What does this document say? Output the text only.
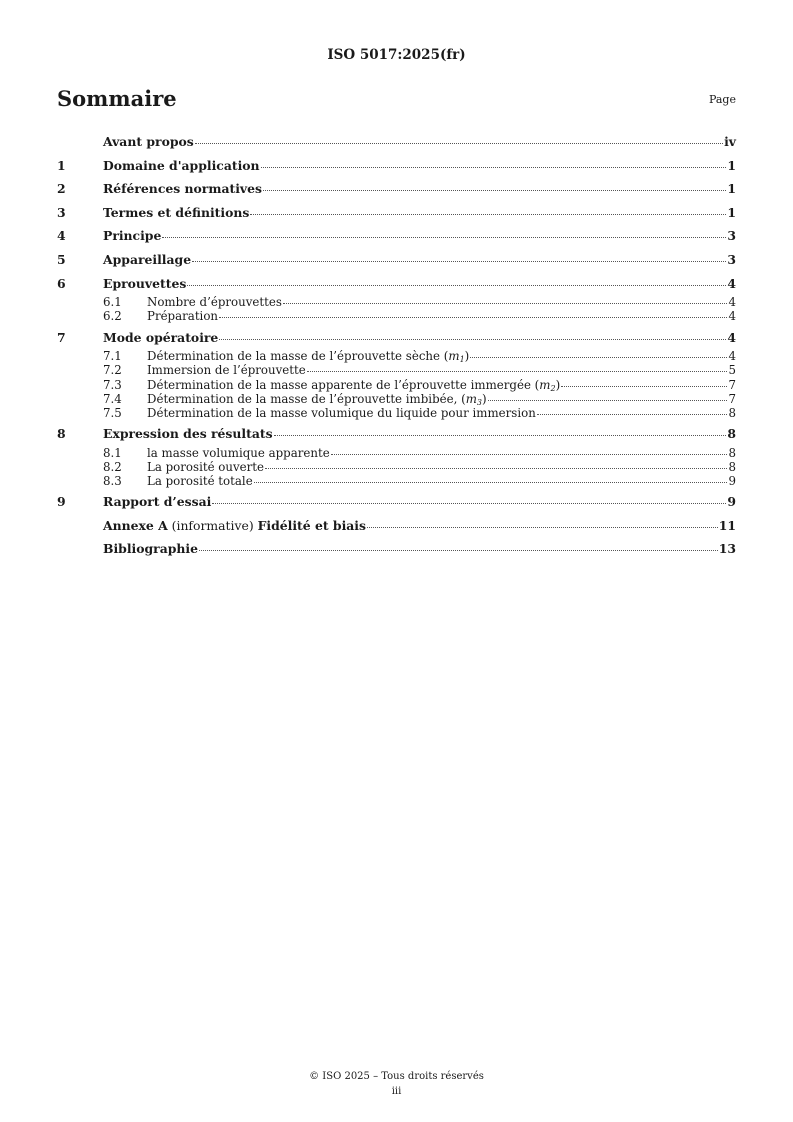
ISO 5017:2025(fr)
Sommaire	Page
Avant propos	iv
1	Domaine d'application	1
2	Références normatives	1
3	Termes et définitions	1
4	Principe	3
5	Appareillage	3
6	Eprouvettes	4
6.1	Nombre d’éprouvettes	4
6.2	Préparation	4
7	Mode opératoire	4
7.1	Détermination de la masse de l’éprouvette sèche $(m_1)$	4
7.2	Immersion de l’éprouvette	5
7.3	Détermination de la masse apparente de l’éprouvette immergée $(m_2)$	7
7.4	Détermination de la masse de l’éprouvette imbibée, $(m_3)$	7
7.5	Détermination de la masse volumique du liquide pour immersion	8
8	Expression des résultats	8
8.1	la masse volumique apparente	8
8.2	La porosité ouverte	8
8.3	La porosité totale	9
9	Rapport d’essai	9
Annexe A (informative) Fidélité et biais	11
Bibliographie	13
© ISO 2025 – Tous droits réservés
iii
